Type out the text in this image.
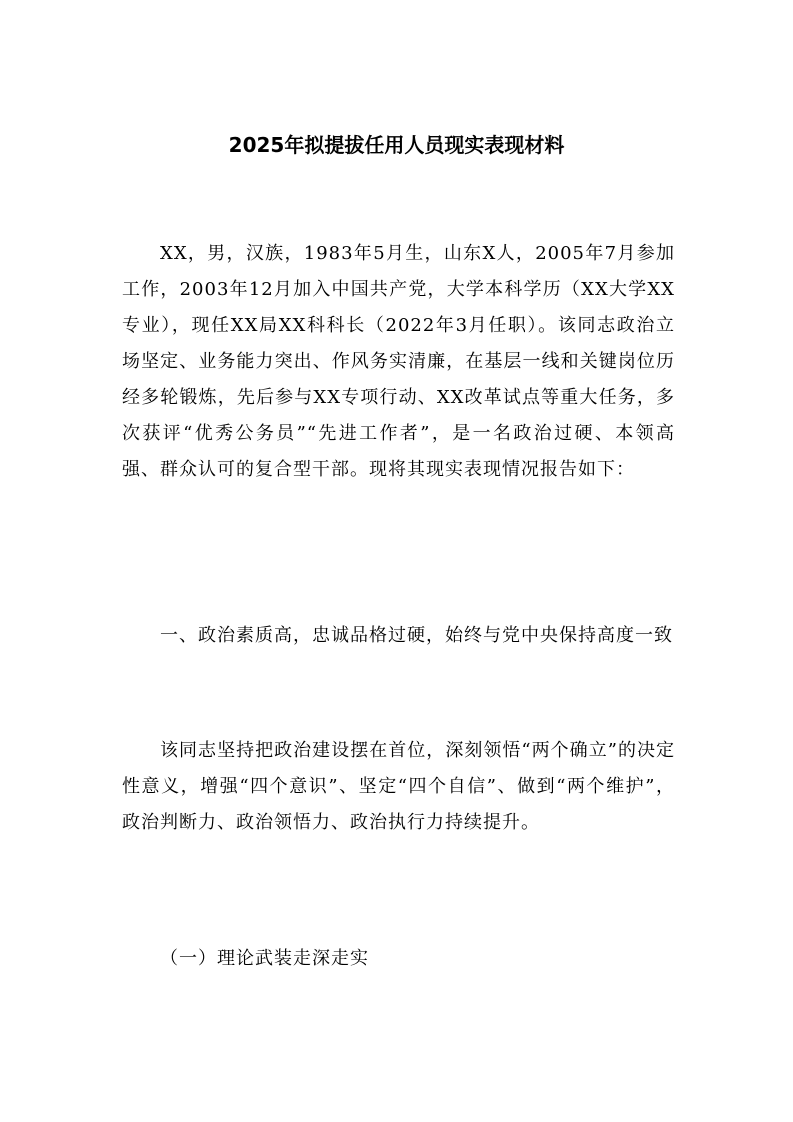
2025年拟提拔任用人员现实表现材料

XX，男，汉族，1983年5月生，山东X人，2005年7月参加工作，2003年12月加入中国共产党，大学本科学历（XX大学XX专业），现任XX局XX科科长（2022年3月任职）。该同志政治立场坚定、业务能力突出、作风务实清廉，在基层一线和关键岗位历经多轮锻炼，先后参与XX专项行动、XX改革试点等重大任务，多次获评“优秀公务员”“先进工作者”，是一名政治过硬、本领高强、群众认可的复合型干部。现将其现实表现情况报告如下：

一、政治素质高，忠诚品格过硬，始终与党中央保持高度一致

该同志坚持把政治建设摆在首位，深刻领悟“两个确立”的决定性意义，增强“四个意识”、坚定“四个自信”、做到“两个维护”，政治判断力、政治领悟力、政治执行力持续提升。

（一）理论武装走深走实
